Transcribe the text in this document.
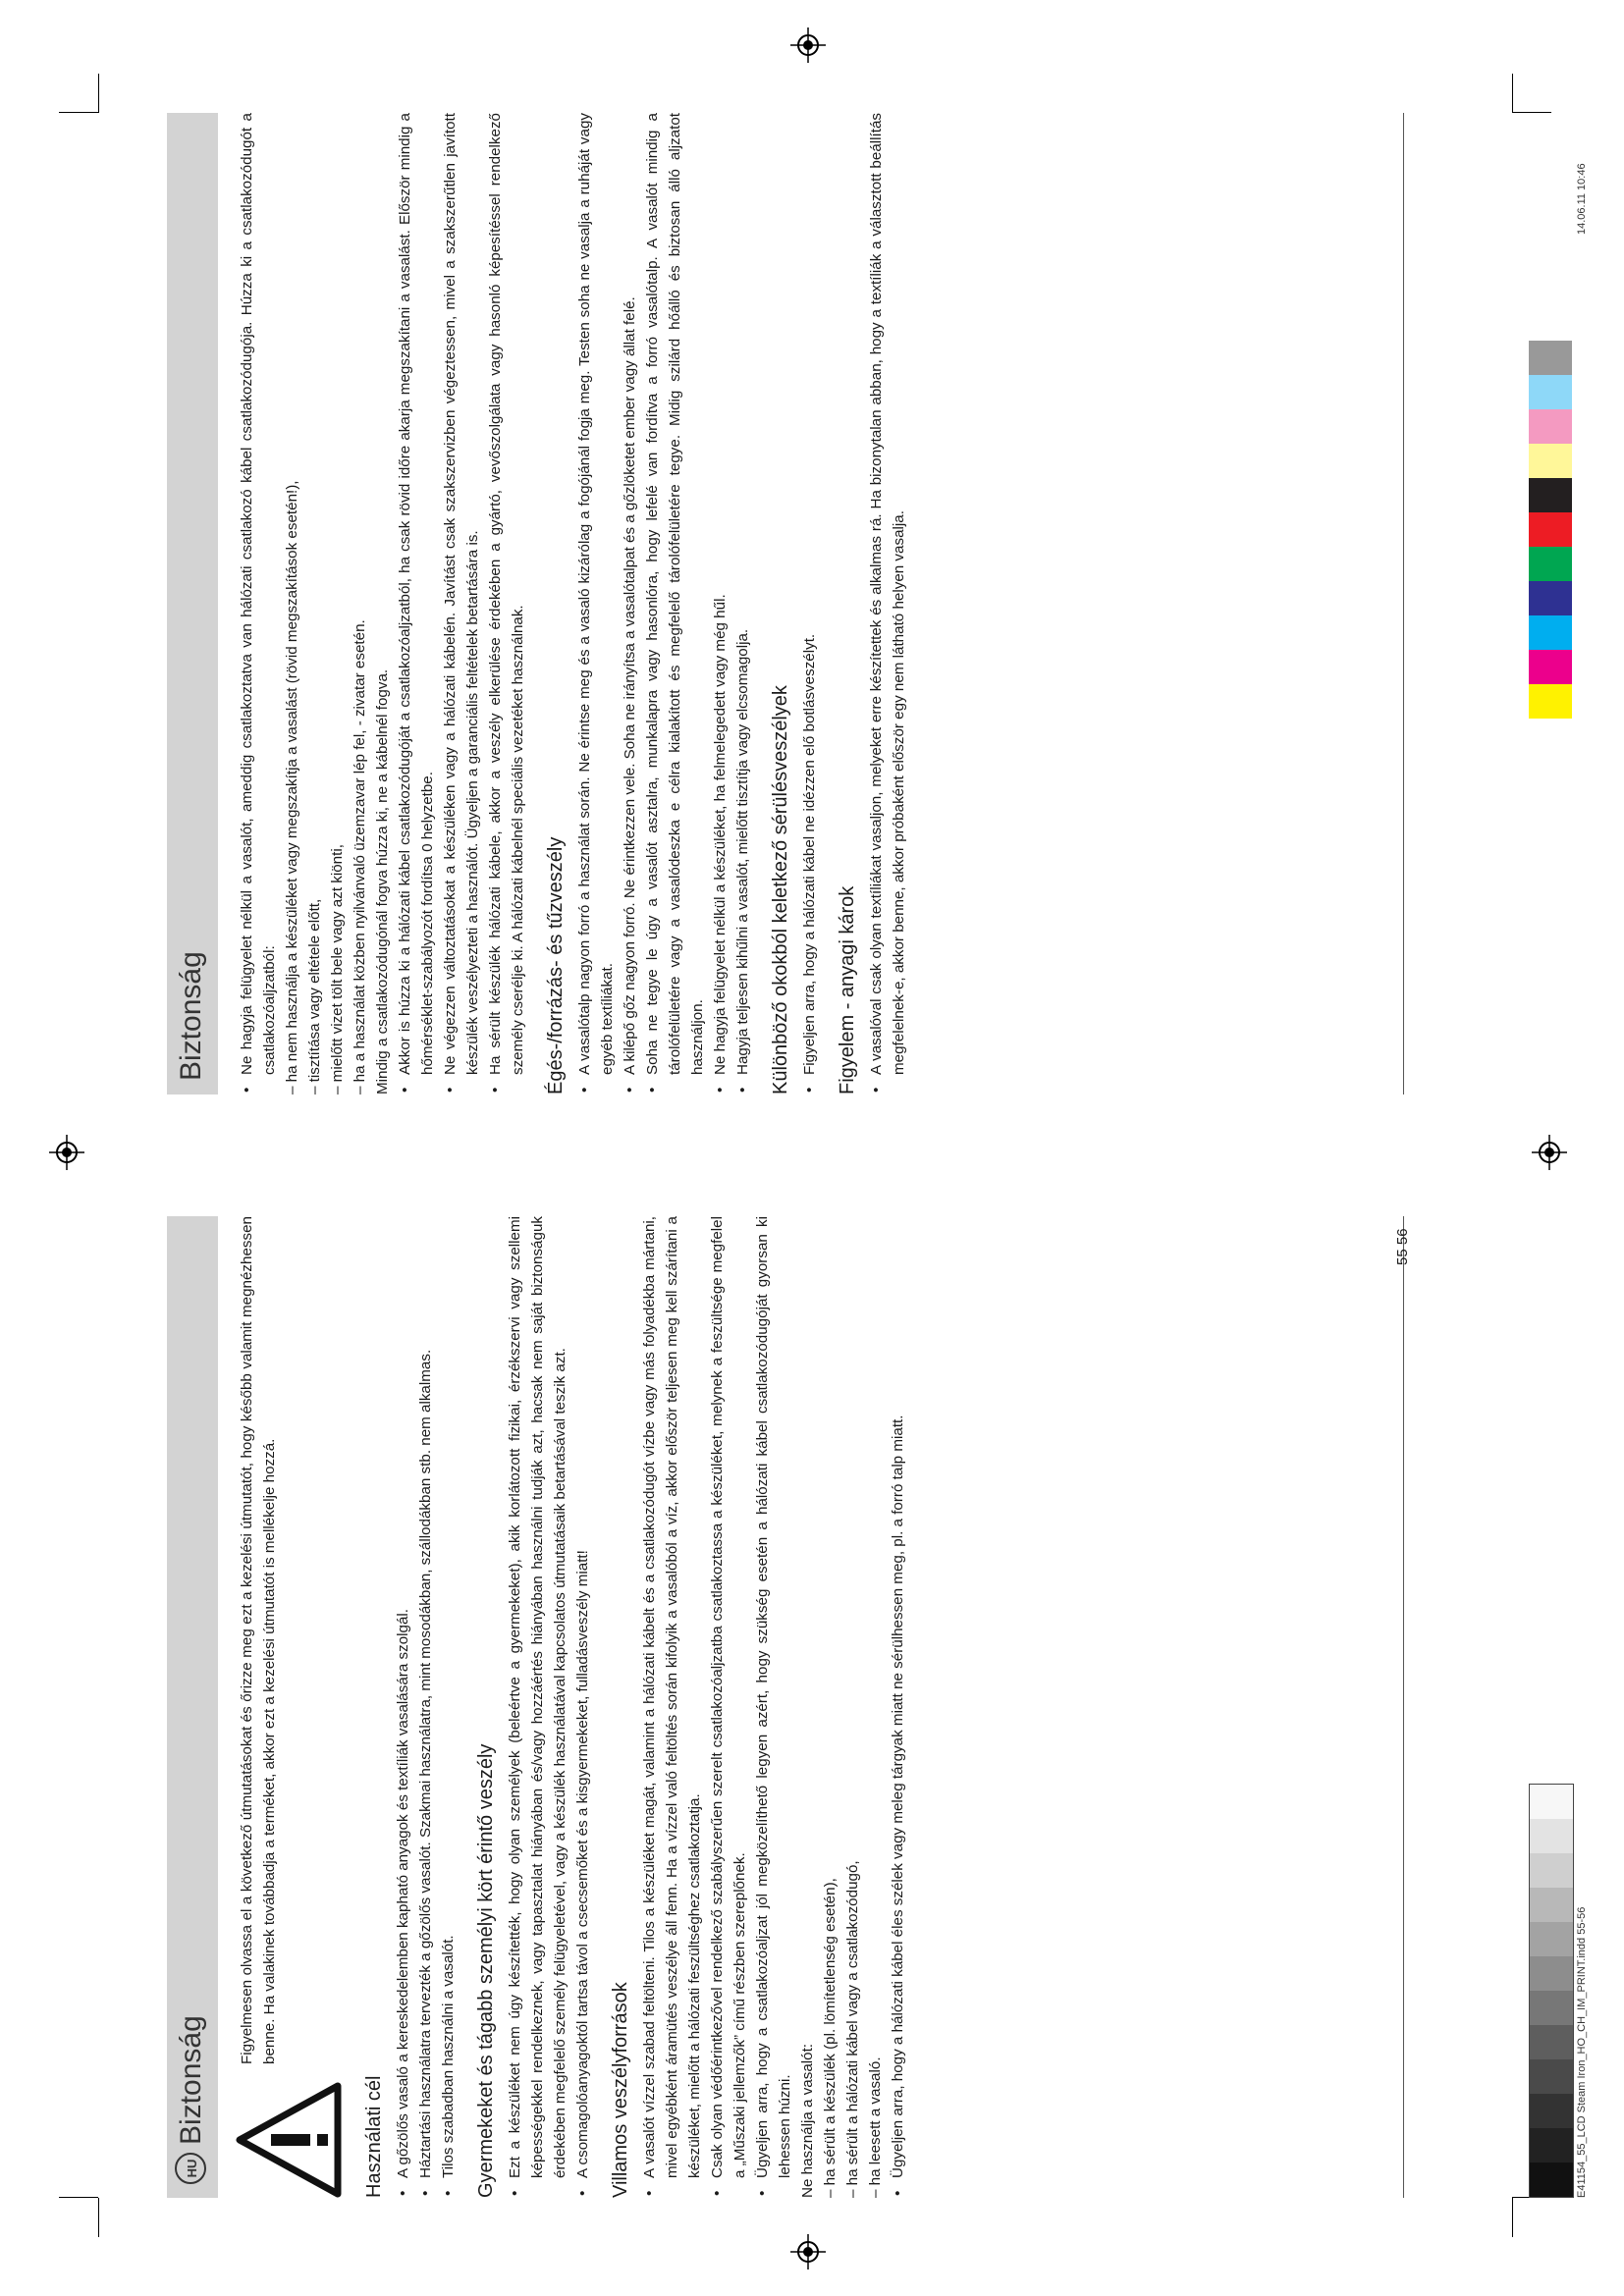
HUBiztonság
Figyelmesen olvassa el a következő útmutatásokat és őrizze meg ezt a kezelési útmutatót, hogy később valamit megnézhessen benne. Ha valakinek továbbadja a terméket, akkor ezt a kezelési útmutatót is mellékelje hozzá.
Használati cél • A gőzölős vasaló a kereskedelemben kapható anyagok és textíliák vasalására szolgál. • Háztartási használatra tervezték a gőzölős vasalót. Szakmai használatra, mint mosodákban, szállodákban stb. nem alkalmas. • Tilos szabadban használni a vasalót. Gyermekeket és tágabb személyi kört érintő veszély • Ezt a készüléket nem úgy készítették, hogy olyan személyek (beleértve a gyermekeket), akik korlátozott fizikai, érzékszervi vagy szellemi képességekkel rendelkeznek, vagy tapasztalat hiányában és/vagy hozzáértés hiányában használni tudják azt, hacsak nem saját biztonságuk érdekében megfelelő személy felügyeletével, vagy a készülék használatával kapcsolatos útmutatásaik betartásával teszik azt. • A csomagolóanyagoktól tartsa távol a csecsemőket és a kisgyermekeket, fulladásveszély miatt! Villamos veszélyforrások • A vasalót vízzel szabad feltölteni. Tilos a készüléket magát, valamint a hálózati kábelt és a csatlakozódugót vízbe vagy más folyadékba mártani, mivel egyébként áramütés veszélye áll fenn. Ha a vízzel való feltöltés során kifolyik a vasalóból a víz, akkor először teljesen meg kell szárítani a készüléket, mielőtt a hálózati feszültséghez csatlakoztatja. • Csak olyan védőérintkezővel rendelkező szabályszerűen szerelt csatlakozóaljzatba csatlakoztassa a készüléket, melynek a feszültsége megfelel a „Műszaki jellemzők” című részben szereplőnek. • Ügyeljen arra, hogy a csatlakozóaljzat jól megközelíthető legyen azért, hogy szükség esetén a hálózati kábel csatlakozódugóját gyorsan ki lehessen húzni. Ne használja a vasalót: – ha sérült a készülék (pl. lömítetlenség esetén), – ha sérült a hálózati kábel vagy a csatlakozódugó, – ha leesett a vasaló. • Ügyeljen arra, hogy a hálózati kábel éles szélek vagy meleg tárgyak miatt ne sérülhessen meg, pl. a forró talp miatt.
Biztonság • Ne hagyja felügyelet nélkül a vasalót, ameddig csatlakoztatva van hálózati csatlakozó kábel csatlakozódugója. Húzza ki a csatlakozódugót a csatlakozóaljzatból: – ha nem használja a készüléket vagy megszakítja a vasalást (rövid megszakítások esetén!), – tisztítása vagy eltétele előtt, – mielőtt vizet tölt bele vagy azt kiönti, – ha a használat közben nyilvánvaló üzemzavar lép fel, - zivatar esetén. Mindig a csatlakozódugónál fogva húzza ki, ne a kábelnél fogva. • Akkor is húzza ki a hálózati kábel csatlakozódugóját a csatlakozóaljzatból, ha csak rövid időre akarja megszakítani a vasalást. Először mindig a hőmérséklet-szabályozót fordítsa 0 helyzetbe. • Ne végezzen változtatásokat a készüléken vagy a hálózati kábelén. Javítást csak szakszervizben végeztessen, mivel a szakszerűtlen javított készülék veszélyezteti a használót. Ügyeljen a garanciális feltételek betartására is. • Ha sérült készülék hálózati kábele, akkor a veszély elkerülése érdekében a gyártó, vevőszolgálata vagy hasonló képesítéssel rendelkező személy cserélje ki. A hálózati kábelnél speciális vezetéket használnak. Égés-/forrázás- és tűzveszély • A vasalótalp nagyon forró a használat során. Ne érintse meg és a vasaló kizárólag a fogójánál fogja meg. Testen soha ne vasalja a ruháját vagy egyéb textíliákat. • A kilépő gőz nagyon forró. Ne érintkezzen vele. Soha ne irányítsa a vasalótalpat és a gőzlöketet ember vagy állat felé. • Soha ne tegye le úgy a vasalót asztalra, munkalapra vagy hasonlóra, hogy lefelé van fordítva a forró vasalótalp. A vasalót mindig a tárolófelületére vagy a vasalódeszka e célra kialakított és megfelelő tárolófelületére tegye. Midig szilárd hőálló és biztosan álló aljzatot használjon. • Ne hagyja felügyelet nélkül a készüléket, ha felmelegedett vagy még hűl. • Hagyja teljesen kihűlni a vasalót, mielőtt tisztítja vagy elcsomagolja. Különböző okokból keletkező sérülésveszélyek • Figyeljen arra, hogy a hálózati kábel ne idézzen elő botlásveszélyt. Figyelem - anyagi károk • A vasalóval csak olyan textíliákat vasaljon, melyeket erre készítettek és alkalmas rá. Ha bizonytalan abban, hogy a textíliák a választott beállítás megfelelnek-e, akkor benne, akkor próbaként először egy nem látható helyen vasalja.
55 56
E41154_55_LCD Steam Iron_HO_CH_IM_PRINT.indd 55-56
14.06.11 10:46
